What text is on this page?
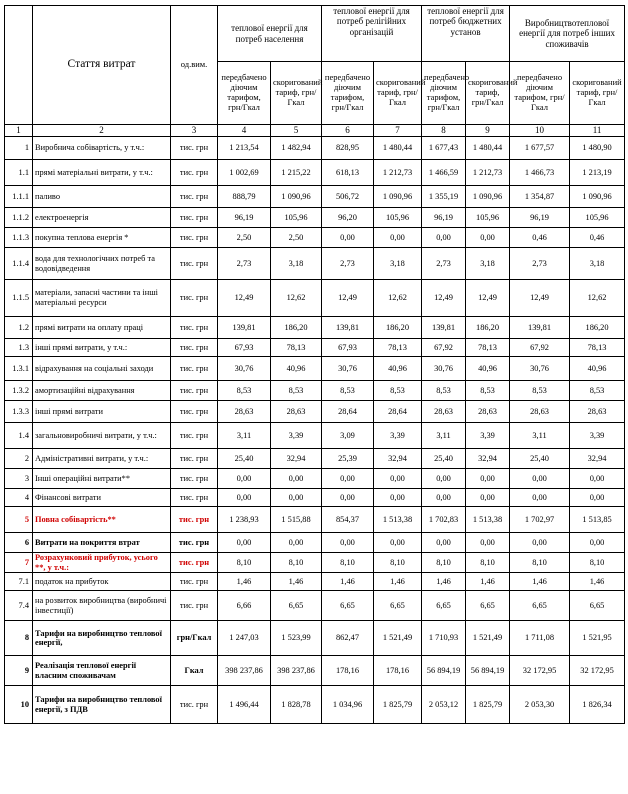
	Стаття витрат	од.вим.	теплової енергії для потреб населення		теплової енергії для потреб релігійних організацій		теплової енергії для потреб бюджетних установ		Виробництвотеплової енергії для потреб інших споживачів	
			передбачено діючим тарифом, грн/Гкал	скоригований тариф, грн/Гкал	передбачено діючим тарифом, грн/Гкал	скоригований тариф, грн/Гкал	передбачено діючим тарифом, грн/Гкал	скоригований тариф, грн/Гкал	передбачено діючим тарифом, грн/Гкал	скоригований тариф, грн/Гкал
1	2	3	4	5	6	7	8	9	10	11
1	Виробнича собівартість, у т.ч.:	тис. грн	1 213,54	1 482,94	828,95	1 480,44	1 677,43	1 480,44	1 677,57	1 480,90
1.1	прямі матеріальні витрати, у т.ч.:	тис. грн	1 002,69	1 215,22	618,13	1 212,73	1 466,59	1 212,73	1 466,73	1 213,19
1.1.1	паливо	тис. грн	888,79	1 090,96	506,72	1 090,96	1 355,19	1 090,96	1 354,87	1 090,96
1.1.2	електроенергія	тис. грн	96,19	105,96	96,20	105,96	96,19	105,96	96,19	105,96
1.1.3	покупна теплова енергія *	тис. грн	2,50	2,50	0,00	0,00	0,00	0,00	0,46	0,46
1.1.4	вода для технологічних потреб та водовідведення	тис. грн	2,73	3,18	2,73	3,18	2,73	3,18	2,73	3,18
1.1.5	матеріали, запасні частини та інші матеріальні ресурси	тис. грн	12,49	12,62	12,49	12,62	12,49	12,49	12,49	12,62
1.2	прямі витрати на оплату праці	тис. грн	139,81	186,20	139,81	186,20	139,81	186,20	139,81	186,20
1.3	інші прямі витрати, у т.ч.:	тис. грн	67,93	78,13	67,93	78,13	67,92	78,13	67,92	78,13
1.3.1	відрахування на соціальні заходи	тис. грн	30,76	40,96	30,76	40,96	30,76	40,96	30,76	40,96
1.3.2	амортизаційні відрахування	тис. грн	8,53	8,53	8,53	8,53	8,53	8,53	8,53	8,53
1.3.3	інші прямі витрати	тис. грн	28,63	28,63	28,64	28,64	28,63	28,63	28,63	28,63
1.4	загальновиробничі витрати, у т.ч.:	тис. грн	3,11	3,39	3,09	3,39	3,11	3,39	3,11	3,39
2	Адміністративні витрати, у т.ч.:	тис. грн	25,40	32,94	25,39	32,94	25,40	32,94	25,40	32,94
3	Інші операційні витрати**	тис. грн	0,00	0,00	0,00	0,00	0,00	0,00	0,00	0,00
4	Фінансові витрати	тис. грн	0,00	0,00	0,00	0,00	0,00	0,00	0,00	0,00
5	Повна собівартість**	тис. грн	1 238,93	1 515,88	854,37	1 513,38	1 702,83	1 513,38	1 702,97	1 513,85
6	Витрати на покриття втрат	тис. грн	0,00	0,00	0,00	0,00	0,00	0,00	0,00	0,00
7	Розрахунковий прибуток, усього **, у т.ч.:	тис. грн	8,10	8,10	8,10	8,10	8,10	8,10	8,10	8,10
7.1	податок на прибуток	тис. грн	1,46	1,46	1,46	1,46	1,46	1,46	1,46	1,46
7.4	на розвиток виробництва (виробничі інвестиції)	тис. грн	6,66	6,65	6,65	6,65	6,65	6,65	6,65	6,65
8	Тарифи на виробництво теплової енергії,	грн/Гкал	1 247,03	1 523,99	862,47	1 521,49	1 710,93	1 521,49	1 711,08	1 521,95
9	Реалізація теплової енергії власним споживачам	Гкал	398 237,86	398 237,86	178,16	178,16	56 894,19	56 894,19	32 172,95	32 172,95
10	Тарифи на виробництво теплової енергії, з ПДВ	тис. грн	1 496,44	1 828,78	1 034,96	1 825,79	2 053,12	1 825,79	2 053,30	1 826,34
